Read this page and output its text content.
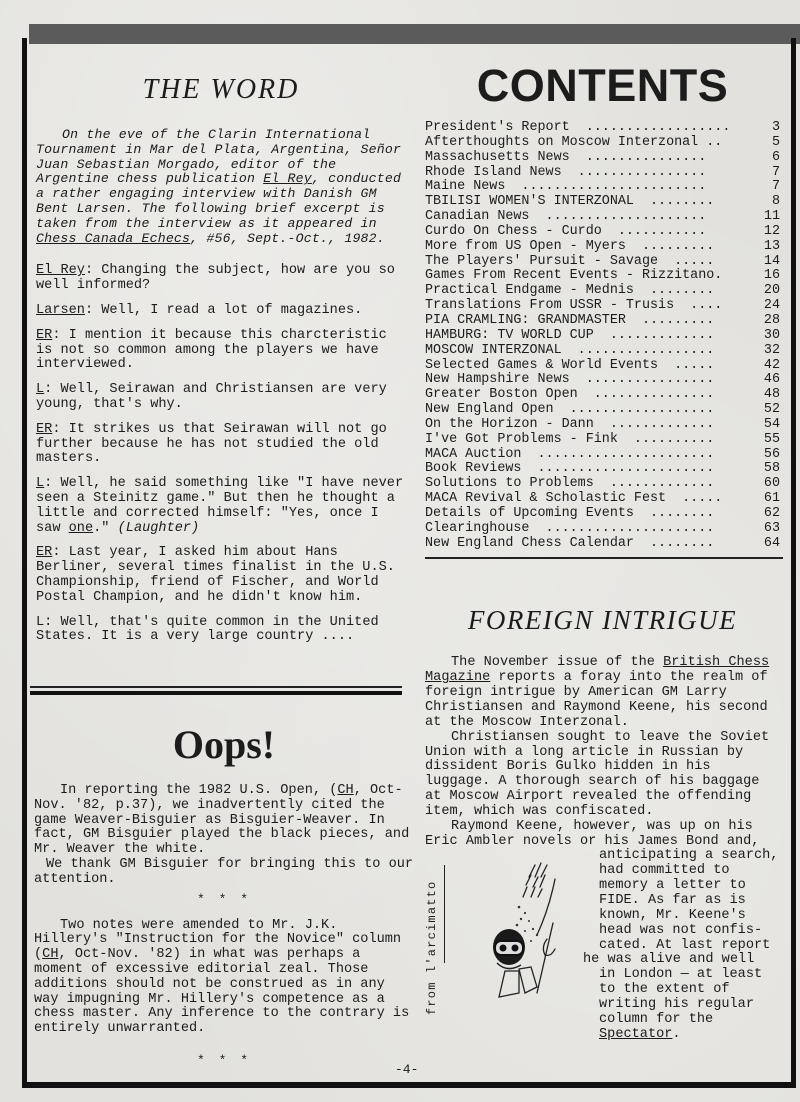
THE WORD

On the eve of the Clarin International Tournament in Mar del Plata, Argentina, Señor Juan Sebastian Morgado, editor of the Argentine chess publication El Rey, conducted a rather engaging interview with Danish GM Bent Larsen. The following brief excerpt is taken from the interview as it appeared in Chess Canada Echecs, #56, Sept.-Oct., 1982.

El Rey: Changing the subject, how are you so well informed?

Larsen: Well, I read a lot of magazines.

ER: I mention it because this charcteristic is not so common among the players we have interviewed.

L: Well, Seirawan and Christiansen are very young, that's why.

ER: It strikes us that Seirawan will not go further because he has not studied the old masters.

L: Well, he said something like "I have never seen a Steinitz game." But then he thought a little and corrected himself: "Yes, once I saw one." (Laughter)

ER: Last year, I asked him about Hans Berliner, several times finalist in the U.S. Championship, friend of Fischer, and World Postal Champion, and he didn't know him.

L: Well, that's quite common in the United States. It is a very large country ....

Oops!

In reporting the 1982 U.S. Open, (CH, Oct-Nov. '82, p.37), we inadvertently cited the game Weaver-Bisguier as Bisguier-Weaver. In fact, GM Bisguier played the black pieces, and Mr. Weaver the white.

We thank GM Bisguier for bringing this to our attention.

* * *

Two notes were amended to Mr. J.K. Hillery's "Instruction for the Novice" column (CH, Oct-Nov. '82) in what was perhaps a moment of excessive editorial zeal. Those additions should not be construed as in any way impugning Mr. Hillery's competence as a chess master. Any inference to the contrary is entirely unwarranted.

* * *
CONTENTS
President's Report  ..................	3
Afterthoughts on Moscow Interzonal ..	5
Massachusetts News  ...............	6
Rhode Island News  ................	7
Maine News  .......................	7
TBILISI WOMEN'S INTERZONAL  ........	8
Canadian News  ....................	11
Curdo On Chess - Curdo  ...........	12
More from US Open - Myers  .........	13
The Players' Pursuit - Savage  .....	14
Games From Recent Events - Rizzitano.	16
Practical Endgame - Mednis  ........	20
Translations From USSR - Trusis  ....	24
PIA CRAMLING: GRANDMASTER  .........	28
HAMBURG: TV WORLD CUP  .............	30
MOSCOW INTERZONAL  .................	32
Selected Games & World Events  .....	42
New Hampshire News  ................	46
Greater Boston Open  ...............	48
New England Open  ..................	52
On the Horizon - Dann  .............	54
I've Got Problems - Fink  ..........	55
MACA Auction  ......................	56
Book Reviews  ......................	58
Solutions to Problems  .............	60
MACA Revival & Scholastic Fest  .....	61
Details of Upcoming Events  ........	62
Clearinghouse  .....................	63
New England Chess Calendar  ........	64
FOREIGN INTRIGUE

The November issue of the British Chess Magazine reports a foray into the realm of foreign intrigue by American GM Larry Christiansen and Raymond Keene, his second at the Moscow Interzonal.

Christiansen sought to leave the Soviet Union with a long article in Russian by dissident Boris Gulko hidden in his luggage. A thorough search of his baggage at Moscow Airport revealed the offending item, which was confiscated.

Raymond Keene, however, was up on his Eric Ambler novels or his James Bond and,

from l'arcimatto
anticipating a search,
had committed to
memory a letter to
FIDE. As far as is
known, Mr. Keene's
head was not confis-
cated. At last report
he was alive and well
in London — at least
to the extent of
writing his regular
column for the
Spectator.
-4-
